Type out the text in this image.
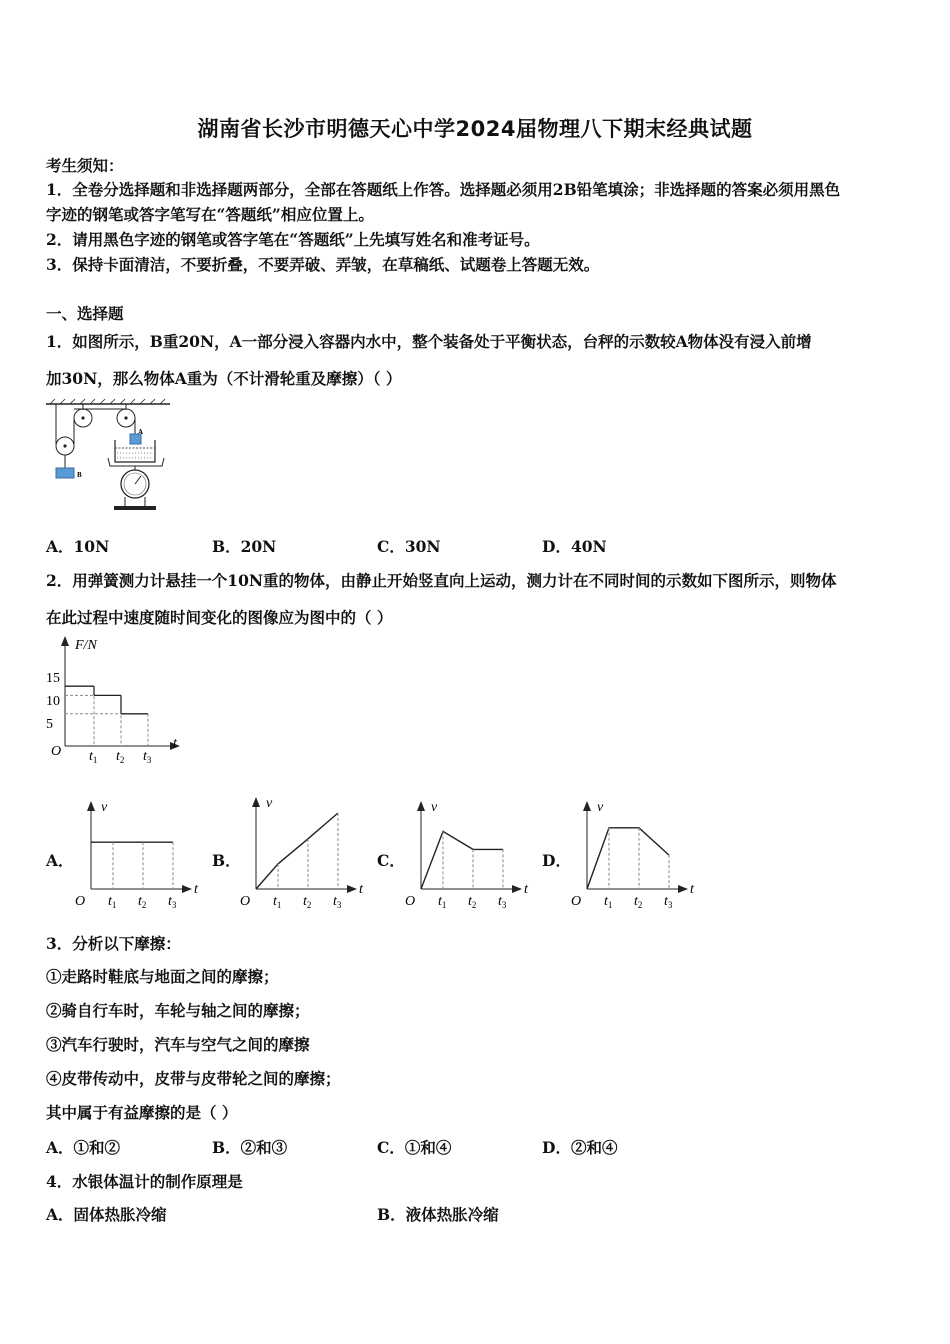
湖南省长沙市明德天心中学2024届物理八下期末经典试题
考生须知：
1．全卷分选择题和非选择题两部分，全部在答题纸上作答。选择题必须用2B铅笔填涂；非选择题的答案必须用黑色
字迹的钢笔或答字笔写在“答题纸”相应位置上。
2．请用黑色字迹的钢笔或答字笔在“答题纸”上先填写姓名和准考证号。
3．保持卡面清洁，不要折叠，不要弄破、弄皱，在草稿纸、试题卷上答题无效。
一、选择题
1．如图所示，B重20N，A一部分浸入容器内水中，整个装备处于平衡状态，台秤的示数较A物体没有浸入前增
加30N，那么物体A重为（不计滑轮重及摩擦）（ ）
B
A
A．10N	B．20N	C．30N	D．40N
2．用弹簧测力计悬挂一个10N重的物体，由静止开始竖直向上运动，测力计在不同时间的示数如下图所示，则物体
在此过程中速度随时间变化的图像应为图中的（ ）
F/N
t
O
15
10
5
$t_1$ $t_2$ $t_3$
A．	B．	C．	D．
v
t
O $t_1$ $t_2$ $t_3$
v
t
O $t_1$ $t_2$ $t_3$
v
t
O $t_1$ $t_2$ $t_3$
v
t
O $t_1$ $t_2$ $t_3$
3．分析以下摩擦：
①走路时鞋底与地面之间的摩擦；
②骑自行车时，车轮与轴之间的摩擦；
③汽车行驶时，汽车与空气之间的摩擦
④皮带传动中，皮带与皮带轮之间的摩擦；
其中属于有益摩擦的是（ ）
A．①和②	B．②和③	C．①和④	D．②和④
4．水银体温计的制作原理是
A．固体热胀冷缩	B．液体热胀冷缩
